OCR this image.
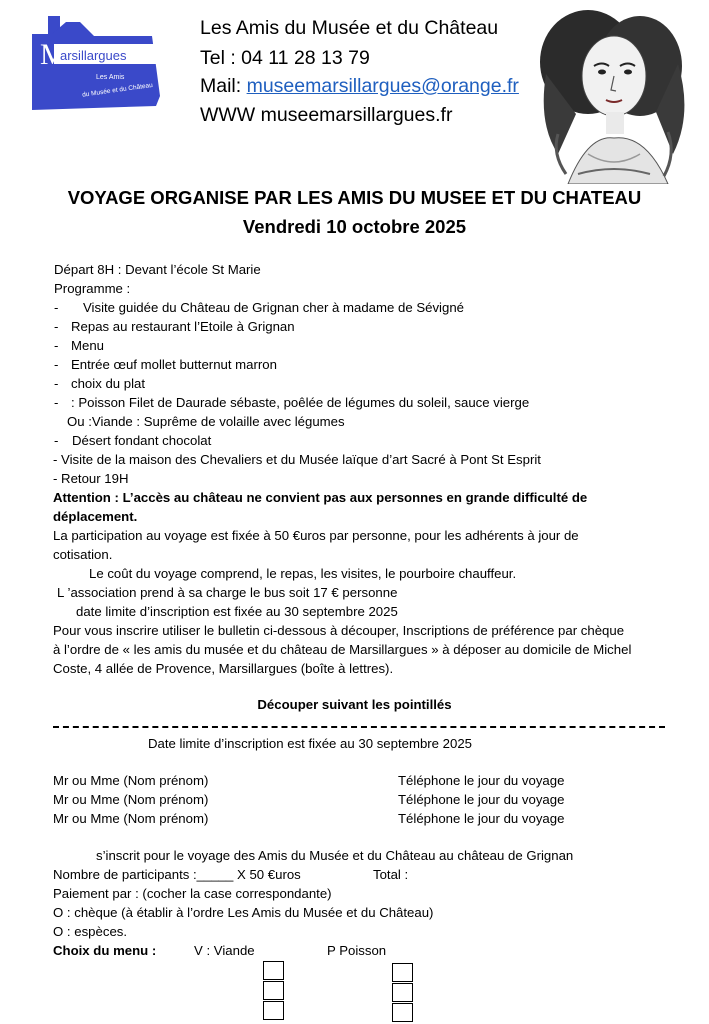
M
arsillargues
Les Amis
du Musée et du Château
Les Amis du Musée et du Château
Tel : 04 11 28 13 79
Mail: museemarsillargues@orange.fr
WWW museemarsillargues.fr
VOYAGE ORGANISE PAR LES AMIS DU MUSEE ET DU CHATEAU
Vendredi 10 octobre 2025
Départ 8H : Devant l’école St Marie
Programme :
- Visite guidée du Château de Grignan cher à madame de Sévigné
- Repas au restaurant l’Etoile à Grignan
- Menu
- Entrée œuf mollet butternut marron
- choix du plat
- : Poisson Filet de Daurade sébaste, poêlée de légumes du soleil, sauce vierge
Ou :Viande : Suprême de volaille avec légumes
- Désert fondant chocolat
- Visite de la maison des Chevaliers et du Musée laïque d’art Sacré à Pont St Esprit
- Retour 19H
Attention : L’accès au château ne convient pas aux personnes en grande difficulté de
déplacement.
La participation au voyage est fixée à 50 €uros par personne, pour les adhérents à jour de
cotisation.
Le coût du voyage comprend, le repas, les visites, le pourboire chauffeur.
L ’association prend à sa charge le bus soit 17 € personne
date limite d’inscription est fixée au 30 septembre 2025
Pour vous inscrire utiliser le bulletin ci-dessous à découper, Inscriptions de préférence par chèque
à l’ordre de « les amis du musée et du château de Marsillargues » à déposer au domicile de Michel
Coste, 4 allée de Provence, Marsillargues (boîte à lettres).
Découper suivant les pointillés
Date limite d’inscription est fixée au 30 septembre 2025
Mr ou Mme (Nom prénom)	Téléphone le jour du voyage
Mr ou Mme (Nom prénom)	Téléphone le jour du voyage
Mr ou Mme (Nom prénom)	Téléphone le jour du voyage
s’inscrit pour le voyage des Amis du Musée et du Château au château de Grignan
Nombre de participants :_____ X 50 €uros	Total :
Paiement par : (cocher la case correspondante)
O : chèque (à établir à l’ordre Les Amis du Musée et du Château)
O : espèces.
Choix du menu :	V : Viande	P Poisson
